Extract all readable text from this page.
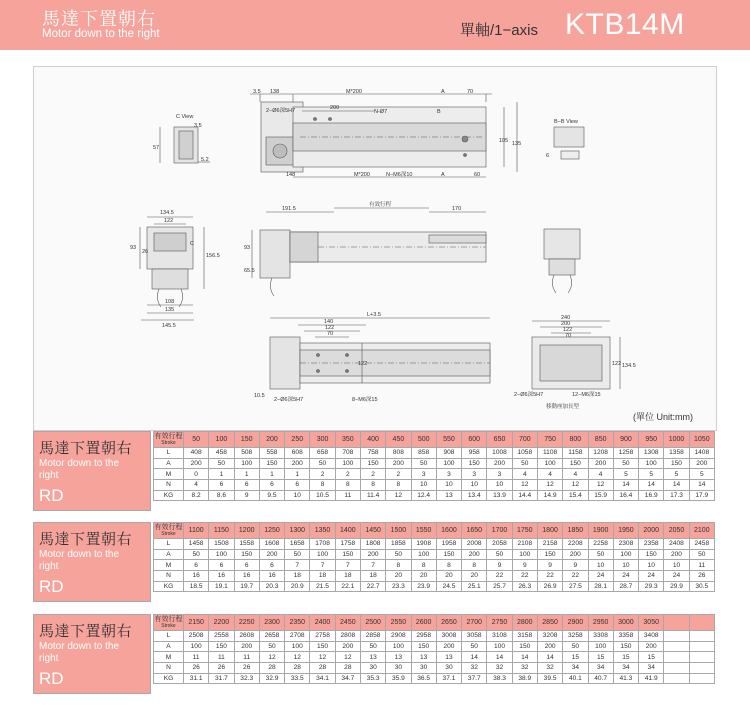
馬達下置朝右
Motor down to the right	單軸/1−axis KTB14M
3.5 138	M*200	A	70
200
N-Ø7
2−Ø6深5H7	B
105 135
C View
57
5.2
3.5
148	M*200	N−M6深10	A	60
B−B View
6
134.5
122
93
26
156.5
C
108
135
145.5
191.5
有效行程
170
93
65.5
L+3.5
140
122
70
122
10.5
2−Ø6深5H7	8−M6深15
240
200
122
70
122 134.5
2−Ø6深5H7	12−M6深15
移動座加長型
(單位 Unit:mm)
馬達下置朝右
Motor down to the right
RD
有效行程
Stroke	50	100	150	200	250	300	350	400	450	500	550	600	650	700	750	800	850	900	950	1000	1050
L	408	458	508	558	608	658	708	758	808	858	908	958	1008	1058	1108	1158	1208	1258	1308	1358	1408
A	200	50	100	150	200	50	100	150	200	50	100	150	200	50	100	150	200	50	100	150	200
M	0	1	1	1	1	2	2	2	2	3	3	3	3	4	4	4	4	5	5	5	5
N	4	6	6	6	6	8	8	8	8	10	10	10	10	12	12	12	12	14	14	14	14
KG	8.2	8.6	9	9.5	10	10.5	11	11.4	12	12.4	13	13.4	13.9	14.4	14.9	15.4	15.9	16.4	16.9	17.3	17.9
馬達下置朝右
Motor down to the right
RD
有效行程
Stroke	1100	1150	1200	1250	1300	1350	1400	1450	1500	1550	1600	1650	1700	1750	1800	1850	1900	1950	2000	2050	2100
L	1458	1508	1558	1608	1658	1708	1758	1808	1858	1908	1958	2008	2058	2108	2158	2208	2258	2308	2358	2408	2458
A	50	100	150	200	50	100	150	200	50	100	150	200	50	100	150	200	50	100	150	200	50
M	6	6	6	6	7	7	7	7	8	8	8	8	9	9	9	9	10	10	10	10	11
N	16	16	16	16	18	18	18	18	20	20	20	20	22	22	22	22	24	24	24	24	26
KG	18.5	19.1	19.7	20.3	20.9	21.5	22.1	22.7	23.3	23.9	24.5	25.1	25.7	26.3	26.9	27.5	28.1	28.7	29.3	29.9	30.5
馬達下置朝右
Motor down to the right
RD
有效行程
Stroke	2150	2200	2250	2300	2350	2400	2450	2500	2550	2600	2650	2700	2750	2800	2850	2900	2950	3000	3050		
L	2508	2558	2608	2658	2708	2758	2808	2858	2908	2958	3008	3058	3108	3158	3208	3258	3308	3358	3408		
A	100	150	200	50	100	150	200	50	100	150	200	50	100	150	200	50	100	150	200		
M	11	11	11	12	12	12	12	13	13	13	13	14	14	14	14	15	15	15	15		
N	26	26	26	28	28	28	28	30	30	30	30	32	32	32	32	34	34	34	34		
KG	31.1	31.7	32.3	32.9	33.5	34.1	34.7	35.3	35.9	36.5	37.1	37.7	38.3	38.9	39.5	40.1	40.7	41.3	41.9		
